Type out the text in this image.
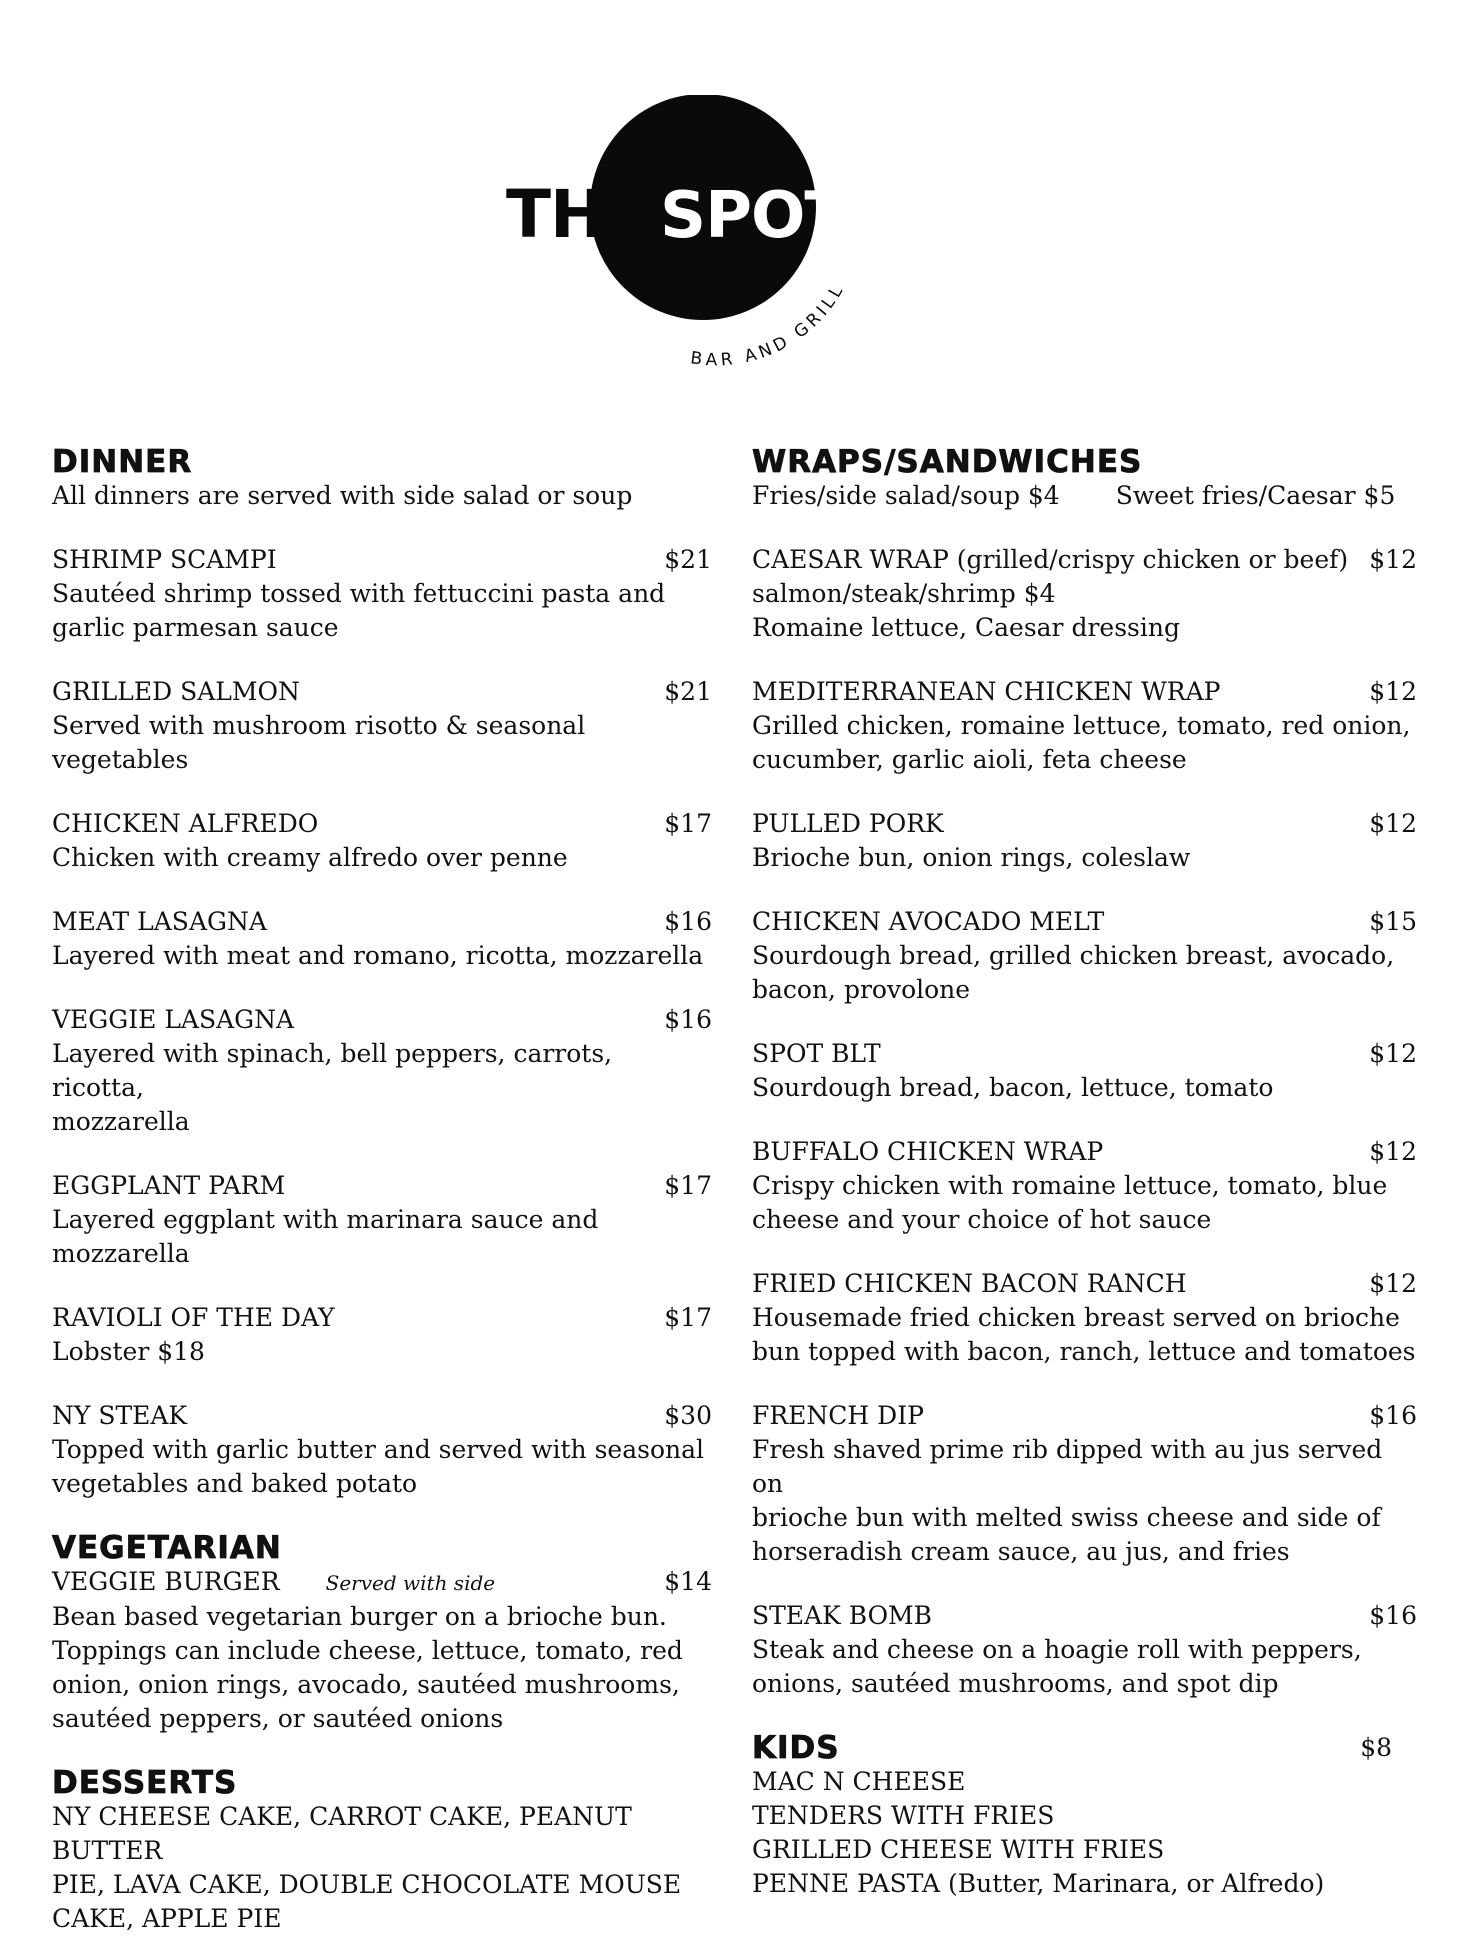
THe SPOT
BAR AND GRILL
DINNER
All dinners are served with side salad or soup
SHRIMP SCAMPI	$21
Sautéed shrimp tossed with fettuccini pasta and
garlic parmesan sauce
GRILLED SALMON	$21
Served with mushroom risotto & seasonal vegetables
CHICKEN ALFREDO	$17
Chicken with creamy alfredo over penne
MEAT LASAGNA	$16
Layered with meat and romano, ricotta, mozzarella
VEGGIE LASAGNA	$16
Layered with spinach, bell peppers, carrots, ricotta,
mozzarella
EGGPLANT PARM	$17
Layered eggplant with marinara sauce and
mozzarella
RAVIOLI OF THE DAY	$17
Lobster $18
NY STEAK	$30
Topped with garlic butter and served with seasonal
vegetables and baked potato
VEGETARIAN
VEGGIE BURGER Served with side	$14
Bean based vegetarian burger on a brioche bun.
Toppings can include cheese, lettuce, tomato, red
onion, onion rings, avocado, sautéed mushrooms,
sautéed peppers, or sautéed onions
DESSERTS
NY CHEESE CAKE, CARROT CAKE, PEANUT BUTTER
PIE, LAVA CAKE, DOUBLE CHOCOLATE MOUSE
CAKE, APPLE PIE
WRAPS/SANDWICHES
Fries/side salad/soup $4 Sweet fries/Caesar $5
CAESAR WRAP (grilled/crispy chicken or beef) $12
salmon/steak/shrimp $4
Romaine lettuce, Caesar dressing
MEDITERRANEAN CHICKEN WRAP	$12
Grilled chicken, romaine lettuce, tomato, red onion,
cucumber, garlic aioli, feta cheese
PULLED PORK	$12
Brioche bun, onion rings, coleslaw
CHICKEN AVOCADO MELT	$15
Sourdough bread, grilled chicken breast, avocado,
bacon, provolone
SPOT BLT	$12
Sourdough bread, bacon, lettuce, tomato
BUFFALO CHICKEN WRAP	$12
Crispy chicken with romaine lettuce, tomato, blue
cheese and your choice of hot sauce
FRIED CHICKEN BACON RANCH	$12
Housemade fried chicken breast served on brioche
bun topped with bacon, ranch, lettuce and tomatoes
FRENCH DIP	$16
Fresh shaved prime rib dipped with au jus served on
brioche bun with melted swiss cheese and side of
horseradish cream sauce, au jus, and fries
STEAK BOMB	$16
Steak and cheese on a hoagie roll with peppers,
onions, sautéed mushrooms, and spot dip
KIDS	$8
MAC N CHEESE
TENDERS WITH FRIES
GRILLED CHEESE WITH FRIES
PENNE PASTA (Butter, Marinara, or Alfredo)
